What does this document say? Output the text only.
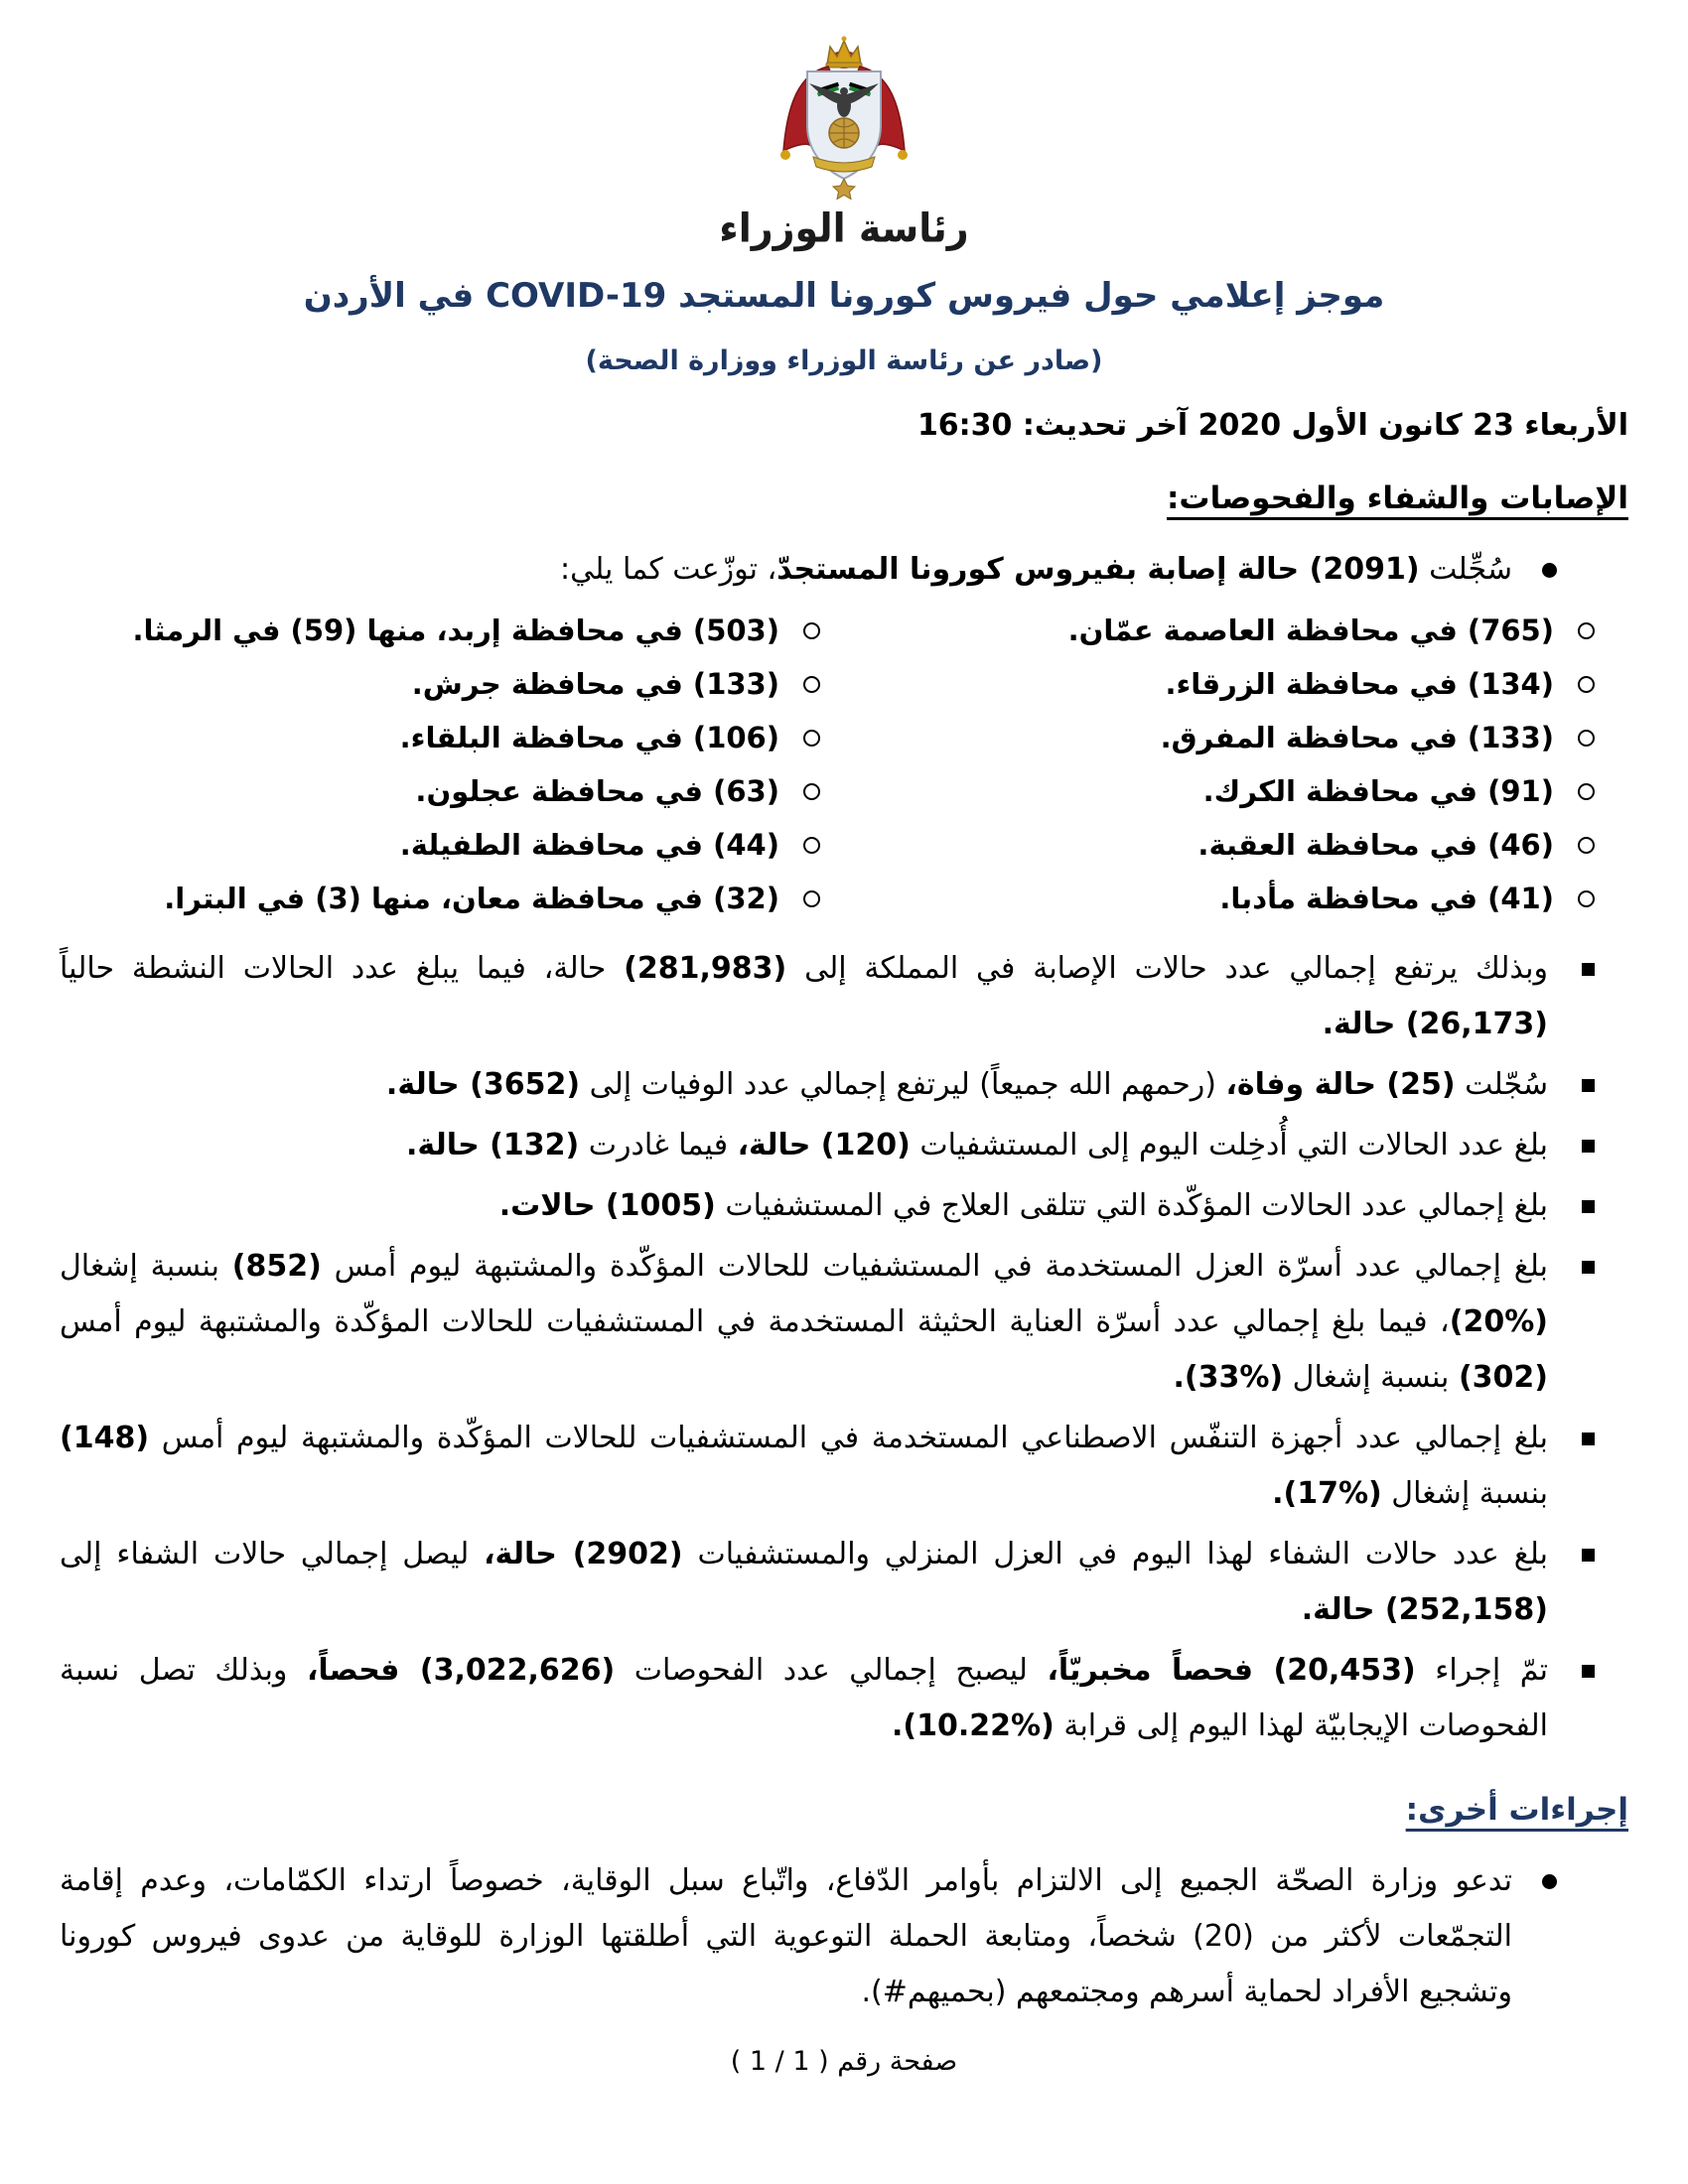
رئاسة الوزراء
موجز إعلامي حول فيروس كورونا المستجد COVID-19 في الأردن
(صادر عن رئاسة الوزراء ووزارة الصحة)
الأربعاء 23 كانون الأول 2020 آخر تحديث: 16:30
الإصابات والشفاء والفحوصات:
سُجِّلت (2091) حالة إصابة بفيروس كورونا المستجدّ، توزّعت كما يلي:
(765) في محافظة العاصمة عمّان.
(134) في محافظة الزرقاء.
(133) في محافظة المفرق.
(91) في محافظة الكرك.
(46) في محافظة العقبة.
(41) في محافظة مأدبا.
(503) في محافظة إربد، منها (59) في الرمثا.
(133) في محافظة جرش.
(106) في محافظة البلقاء.
(63) في محافظة عجلون.
(44) في محافظة الطفيلة.
(32) في محافظة معان، منها (3) في البترا.
وبذلك يرتفع إجمالي عدد حالات الإصابة في المملكة إلى (281,983) حالة، فيما يبلغ عدد الحالات النشطة حالياً (26,173) حالة.
سُجّلت (25) حالة وفاة، (رحمهم الله جميعاً) ليرتفع إجمالي عدد الوفيات إلى (3652) حالة.
بلغ عدد الحالات التي أُدخِلت اليوم إلى المستشفيات (120) حالة، فيما غادرت (132) حالة.
بلغ إجمالي عدد الحالات المؤكّدة التي تتلقى العلاج في المستشفيات (1005) حالات.
بلغ إجمالي عدد أسرّة العزل المستخدمة في المستشفيات للحالات المؤكّدة والمشتبهة ليوم أمس (852) بنسبة إشغال (%20)، فيما بلغ إجمالي عدد أسرّة العناية الحثيثة المستخدمة في المستشفيات للحالات المؤكّدة والمشتبهة ليوم أمس (302) بنسبة إشغال (%33).
بلغ إجمالي عدد أجهزة التنفّس الاصطناعي المستخدمة في المستشفيات للحالات المؤكّدة والمشتبهة ليوم أمس (148) بنسبة إشغال (%17).
بلغ عدد حالات الشفاء لهذا اليوم في العزل المنزلي والمستشفيات (2902) حالة، ليصل إجمالي حالات الشفاء إلى (252,158) حالة.
تمّ إجراء (20,453) فحصاً مخبريّاً، ليصبح إجمالي عدد الفحوصات (3,022,626) فحصاً، وبذلك تصل نسبة الفحوصات الإيجابيّة لهذا اليوم إلى قرابة (%10.22).
إجراءات أخرى:
تدعو وزارة الصحّة الجميع إلى الالتزام بأوامر الدّفاع، واتّباع سبل الوقاية، خصوصاً ارتداء الكمّامات، وعدم إقامة التجمّعات لأكثر من (20) شخصاً، ومتابعة الحملة التوعوية التي أطلقتها الوزارة للوقاية من عدوى فيروس كورونا وتشجيع الأفراد لحماية أسرهم ومجتمعهم (#بحميهم).
صفحة رقم ( 1 / 1 )
